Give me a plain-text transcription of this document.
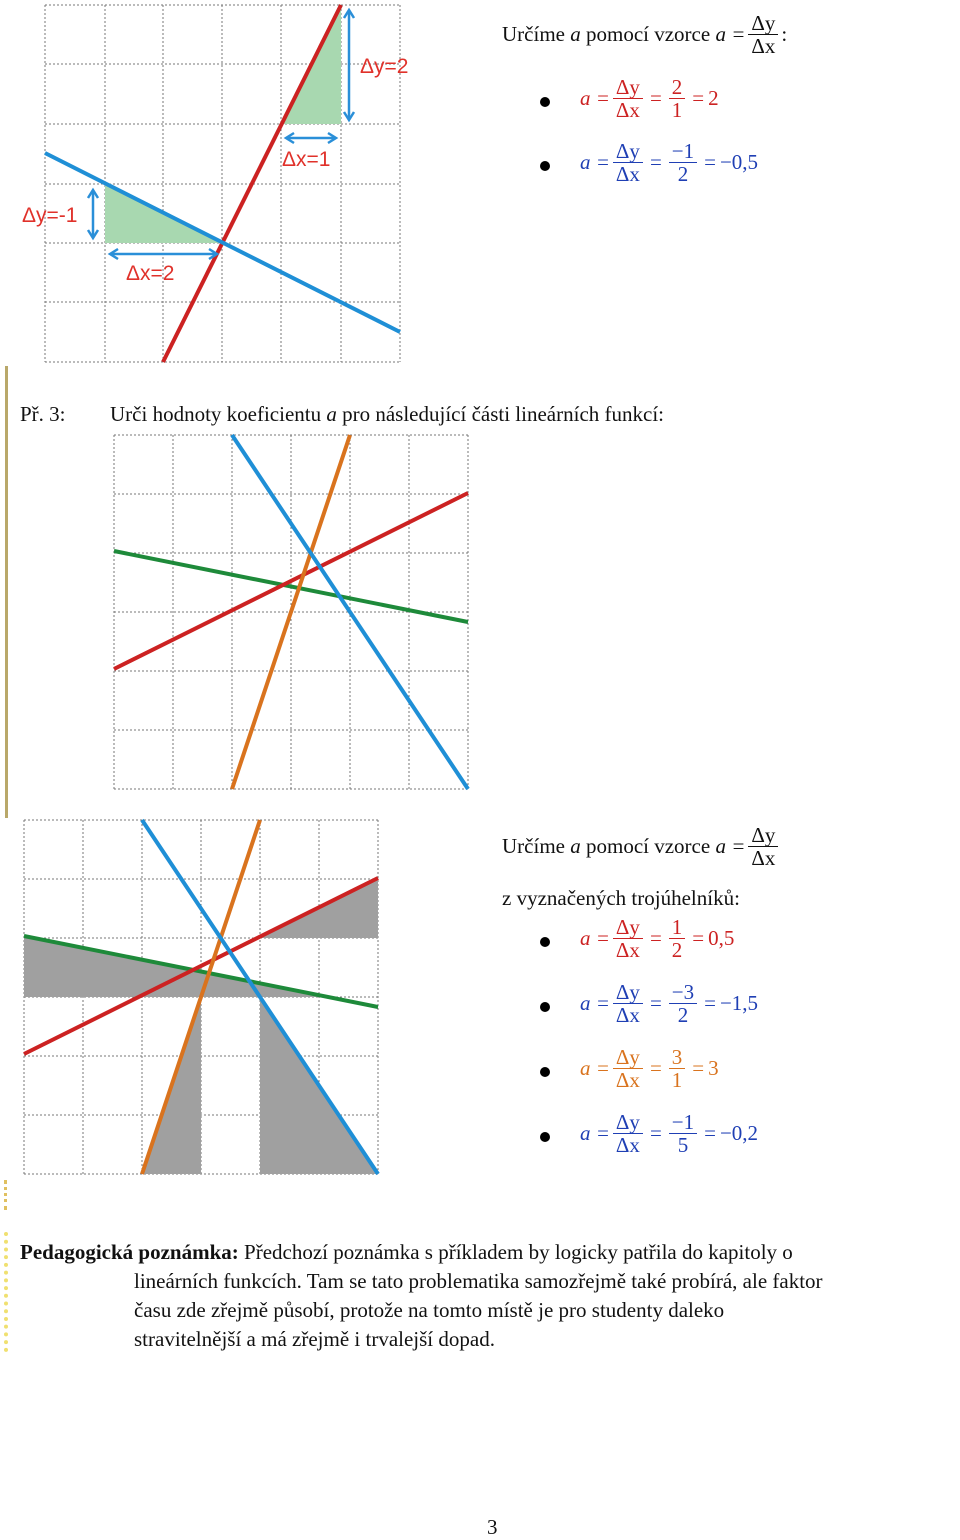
Δy=2
Δx=1
Δy=-1
Δx=2
Určíme
a
pomocí vzorce
$a = \frac{\Delta y}{\Delta x}$ :
$a = \frac{\Delta y}{\Delta x} = \frac{2}{1} = 2$
$a = \frac{\Delta y}{\Delta x} = \frac{-1}{2} = -0,5$
Př. 3: Urči hodnoty koeficientu a pro následující části lineárních funkcí:
Určíme
a
pomocí vzorce
$a = \frac{\Delta y}{\Delta x}$
z vyznačených trojúhelníků:
$a = \frac{\Delta y}{\Delta x} = \frac{1}{2} = 0,5$
$a = \frac{\Delta y}{\Delta x} = \frac{-3}{2} = -1,5$
$a = \frac{\Delta y}{\Delta x} = \frac{3}{1} = 3$
$a = \frac{\Delta y}{\Delta x} = \frac{-1}{5} = -0,2$
Pedagogická poznámka: Předchozí poznámka s příkladem by logicky patřila do kapitoly o
lineárních funkcích. Tam se tato problematika samozřejmě také probírá, ale faktor
času zde zřejmě působí, protože na tomto místě je pro studenty daleko
stravitelnější a má zřejmě i trvalejší dopad.
3
